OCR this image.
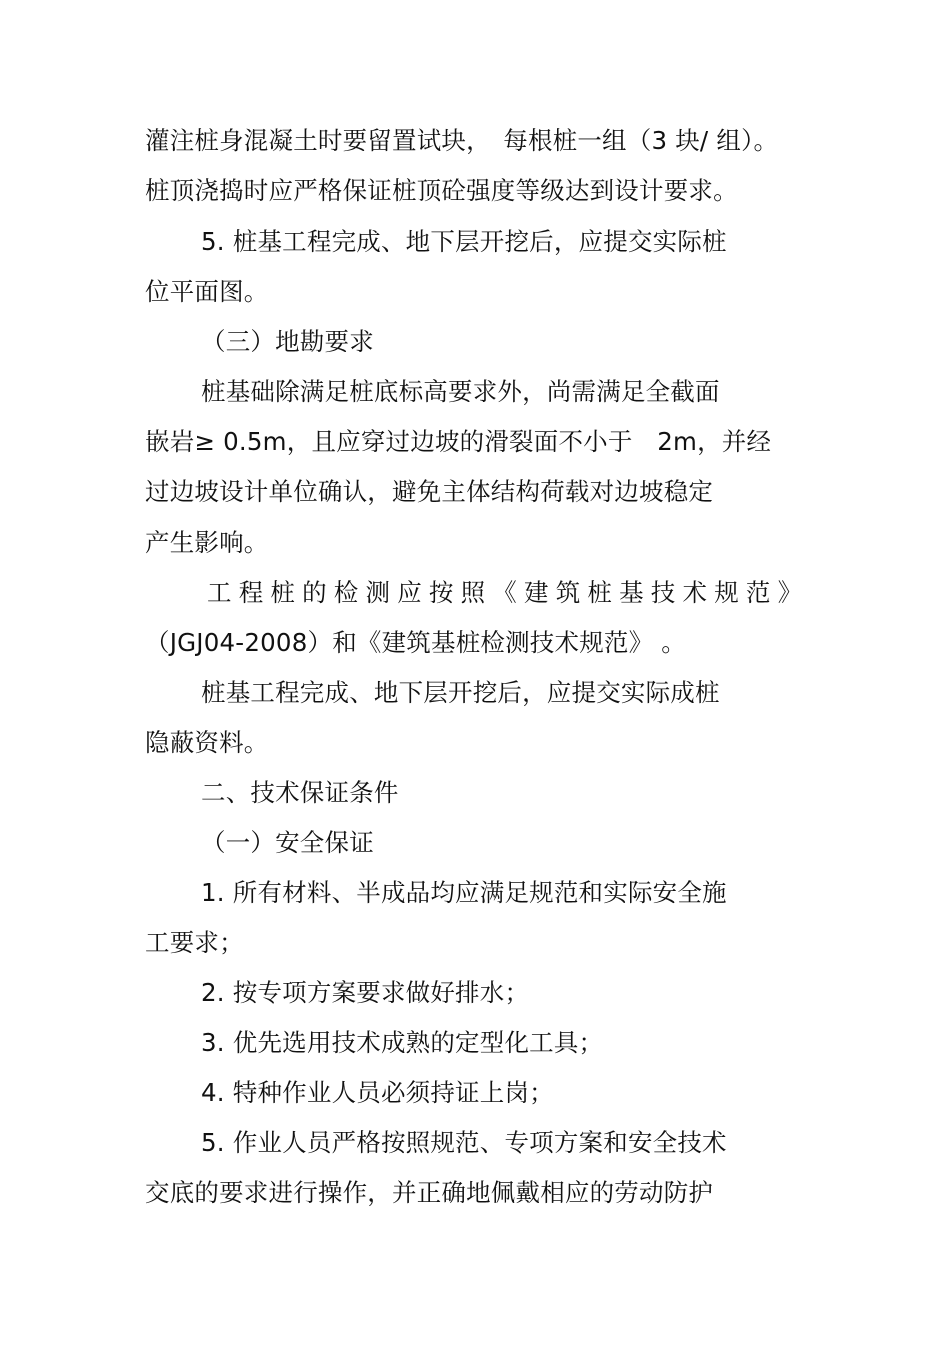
灌注桩身混凝土时要留置试块，　每根桩一组（3 块/ 组）。
桩顶浇捣时应严格保证桩顶砼强度等级达到设计要求。
5. 桩基工程完成、地下层开挖后，应提交实际桩
位平面图。
（三）地勘要求
桩基础除满足桩底标高要求外，尚需满足全截面
嵌岩≥ 0.5m，且应穿过边坡的滑裂面不小于　2m，并经
过边坡设计单位确认，避免主体结构荷载对边坡稳定
产生影响。
工程桩的检测应按照《建筑桩基技术规范》
（JGJ04-2008）和《建筑基桩检测技术规范》 。
桩基工程完成、地下层开挖后，应提交实际成桩
隐蔽资料。
二、技术保证条件
（一）安全保证
1. 所有材料、半成品均应满足规范和实际安全施
工要求；
2. 按专项方案要求做好排水；
3. 优先选用技术成熟的定型化工具；
4. 特种作业人员必须持证上岗；
5. 作业人员严格按照规范、专项方案和安全技术
交底的要求进行操作，并正确地佩戴相应的劳动防护
